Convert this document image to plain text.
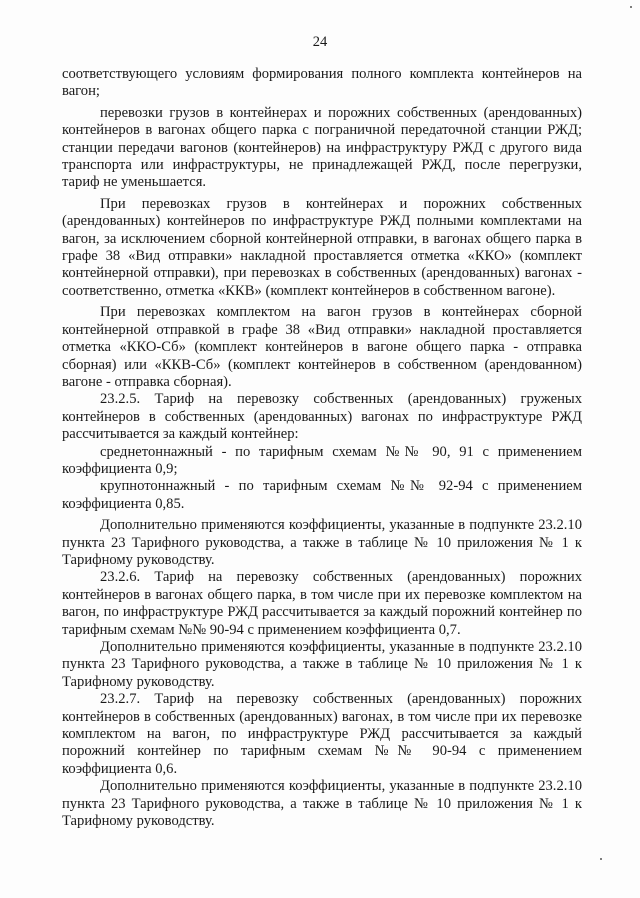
24

соответствующего условиям формирования полного комплекта контейнеров на вагон;

перевозки грузов в контейнерах и порожних собственных (арендованных) контейнеров в вагонах общего парка с пограничной передаточной станции РЖД; станции передачи вагонов (контейнеров) на инфраструктуру РЖД с другого вида транспорта или инфраструктуры, не принадлежащей РЖД, после перегрузки, тариф не уменьшается.

При перевозках грузов в контейнерах и порожних собственных (арендованных) контейнеров по инфраструктуре РЖД полными комплектами на вагон, за исключением сборной контейнерной отправки, в вагонах общего парка в графе 38 «Вид отправки» накладной проставляется отметка «ККО» (комплект контейнерной отправки), при перевозках в собственных (арендованных) вагонах - соответственно, отметка «ККВ» (комплект контейнеров в собственном вагоне).

При перевозках комплектом на вагон грузов в контейнерах сборной контейнерной отправкой в графе 38 «Вид отправки» накладной проставляется отметка «ККО-Сб» (комплект контейнеров в вагоне общего парка - отправка сборная) или «ККВ-Сб» (комплект контейнеров в собственном (арендованном) вагоне - отправка сборная).

23.2.5. Тариф на перевозку собственных (арендованных) груженых контейнеров в собственных (арендованных) вагонах по инфраструктуре РЖД рассчитывается за каждый контейнер:

среднетоннажный - по тарифным схемам №№ 90, 91 с применением коэффициента 0,9;

крупнотоннажный - по тарифным схемам №№ 92-94 с применением коэффициента 0,85.

Дополнительно применяются коэффициенты, указанные в подпункте 23.2.10 пункта 23 Тарифного руководства, а также в таблице № 10 приложения № 1 к Тарифному руководству.

23.2.6. Тариф на перевозку собственных (арендованных) порожних контейнеров в вагонах общего парка, в том числе при их перевозке комплектом на вагон, по инфраструктуре РЖД рассчитывается за каждый порожний контейнер по тарифным схемам №№ 90-94 с применением коэффициента 0,7.

Дополнительно применяются коэффициенты, указанные в подпункте 23.2.10 пункта 23 Тарифного руководства, а также в таблице № 10 приложения № 1 к Тарифному руководству.

23.2.7. Тариф на перевозку собственных (арендованных) порожних контейнеров в собственных (арендованных) вагонах, в том числе при их перевозке комплектом на вагон, по инфраструктуре РЖД рассчитывается за каждый порожний контейнер по тарифным схемам №№ 90-94 с применением коэффициента 0,6.

Дополнительно применяются коэффициенты, указанные в подпункте 23.2.10 пункта 23 Тарифного руководства, а также в таблице № 10 приложения № 1 к Тарифному руководству.
